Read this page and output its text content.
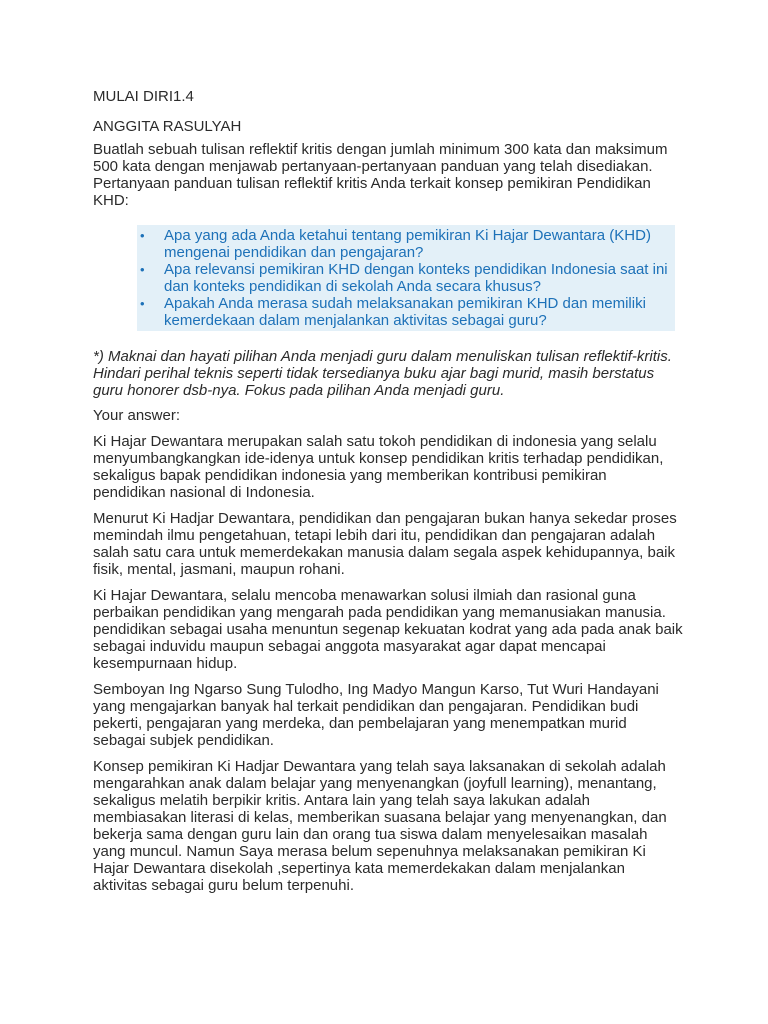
MULAI DIRI1.4

ANGGITA RASULYAH

Buatlah sebuah tulisan reflektif kritis dengan jumlah minimum 300 kata dan maksimum 500 kata dengan menjawab pertanyaan-pertanyaan panduan yang telah disediakan. Pertanyaan panduan tulisan reflektif kritis Anda terkait konsep pemikiran Pendidikan KHD:

• Apa yang ada Anda ketahui tentang pemikiran Ki Hajar Dewantara (KHD) mengenai pendidikan dan pengajaran?
• Apa relevansi pemikiran KHD dengan konteks pendidikan Indonesia saat ini dan konteks pendidikan di sekolah Anda secara khusus?
• Apakah Anda merasa sudah melaksanakan pemikiran KHD dan memiliki kemerdekaan dalam menjalankan aktivitas sebagai guru?

*) Maknai dan hayati pilihan Anda menjadi guru dalam menuliskan tulisan reflektif-kritis. Hindari perihal teknis seperti tidak tersedianya buku ajar bagi murid, masih berstatus guru honorer dsb-nya. Fokus pada pilihan Anda menjadi guru.

Your answer:

Ki Hajar Dewantara merupakan salah satu tokoh pendidikan di indonesia yang selalu menyumbangkangkan ide-idenya untuk konsep pendidikan kritis terhadap pendidikan, sekaligus bapak pendidikan indonesia yang memberikan kontribusi pemikiran pendidikan nasional di Indonesia.

Menurut Ki Hadjar Dewantara, pendidikan dan pengajaran bukan hanya sekedar proses memindah ilmu pengetahuan, tetapi lebih dari itu, pendidikan dan pengajaran adalah salah satu cara untuk memerdekakan manusia dalam segala aspek kehidupannya, baik fisik, mental, jasmani, maupun rohani.

Ki Hajar Dewantara, selalu mencoba menawarkan solusi ilmiah dan rasional guna perbaikan pendidikan yang mengarah pada pendidikan yang memanusiakan manusia. pendidikan sebagai usaha menuntun segenap kekuatan kodrat yang ada pada anak baik sebagai induvidu maupun sebagai anggota masyarakat agar dapat mencapai kesempurnaan hidup.

Semboyan Ing Ngarso Sung Tulodho, Ing Madyo Mangun Karso, Tut Wuri Handayani yang mengajarkan banyak hal terkait pendidikan dan pengajaran. Pendidikan budi pekerti, pengajaran yang merdeka, dan pembelajaran yang menempatkan murid sebagai subjek pendidikan.

Konsep pemikiran Ki Hadjar Dewantara yang telah saya laksanakan di sekolah adalah mengarahkan anak dalam belajar yang menyenangkan (joyfull learning), menantang, sekaligus melatih berpikir kritis. Antara lain yang telah saya lakukan adalah membiasakan literasi di kelas, memberikan suasana belajar yang menyenangkan, dan bekerja sama dengan guru lain dan orang tua siswa dalam menyelesaikan masalah yang muncul. Namun Saya merasa belum sepenuhnya melaksanakan pemikiran Ki Hajar Dewantara disekolah ,sepertinya kata memerdekakan dalam menjalankan aktivitas sebagai guru belum terpenuhi.
